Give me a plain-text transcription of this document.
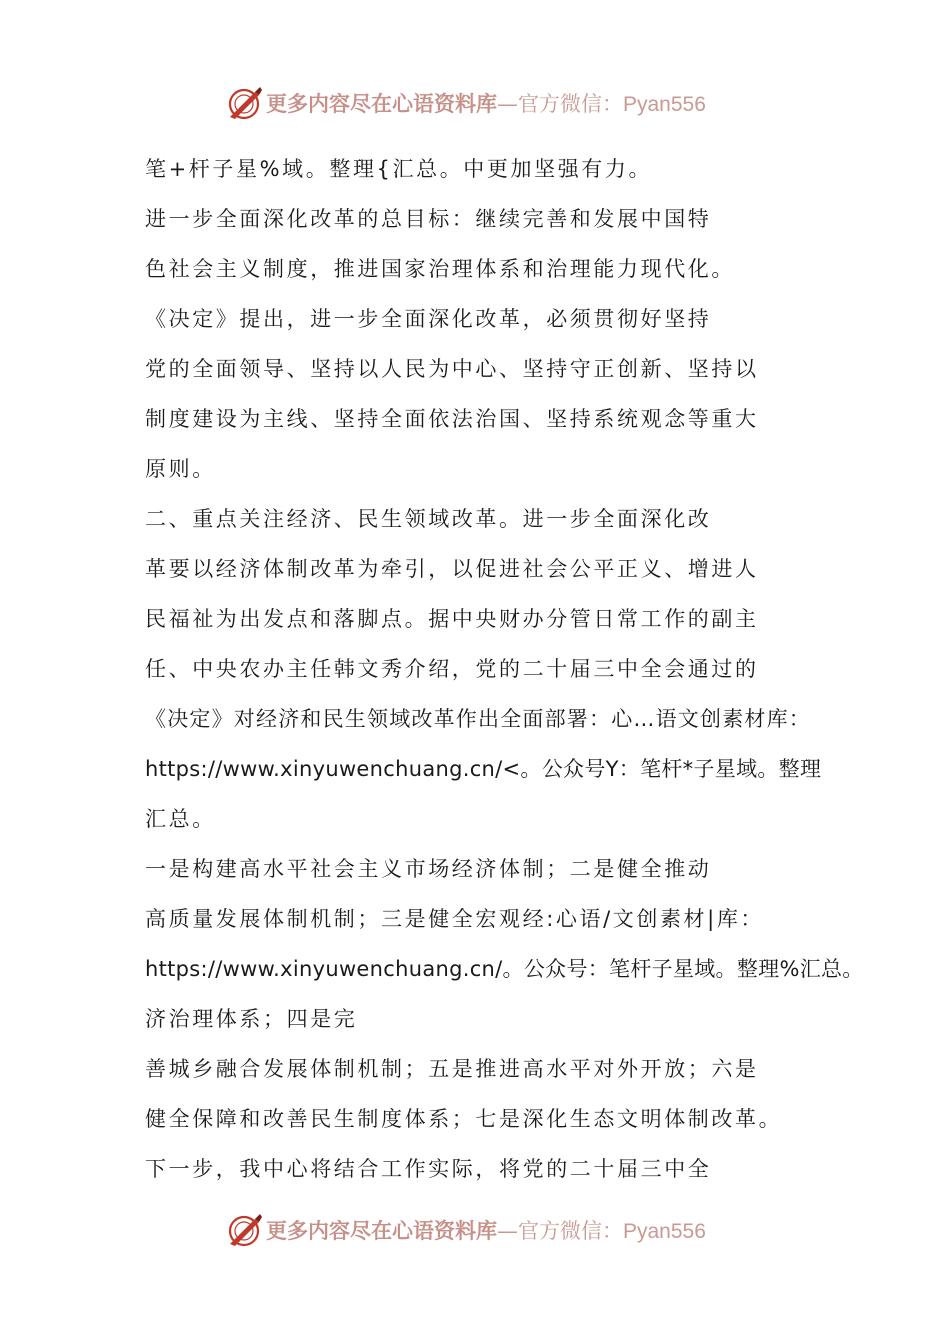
更多内容尽在心语资料库—官方微信：Pyan556
笔+杆子星%域。整理{汇总。中更加坚强有力。
进一步全面深化改革的总目标：继续完善和发展中国特
色社会主义制度，推进国家治理体系和治理能力现代化。
《决定》提出，进一步全面深化改革，必须贯彻好坚持
党的全面领导、坚持以人民为中心、坚持守正创新、坚持以
制度建设为主线、坚持全面依法治国、坚持系统观念等重大
原则。
二、重点关注经济、民生领域改革。进一步全面深化改
革要以经济体制改革为牵引，以促进社会公平正义、增进人
民福祉为出发点和落脚点。据中央财办分管日常工作的副主
任、中央农办主任韩文秀介绍，党的二十届三中全会通过的
《决定》对经济和民生领域改革作出全面部署：心…语文创素材库：
https://www.xinyuwenchuang.cn/<。公众号Y：笔杆*子星域。整理
汇总。
一是构建高水平社会主义市场经济体制；二是健全推动
高质量发展体制机制；三是健全宏观经:心语/文创素材|库：
https://www.xinyuwenchuang.cn/。公众号：笔杆子星域。整理%汇总。
济治理体系；四是完
善城乡融合发展体制机制；五是推进高水平对外开放；六是
健全保障和改善民生制度体系；七是深化生态文明体制改革。
下一步，我中心将结合工作实际，将党的二十届三中全
更多内容尽在心语资料库—官方微信：Pyan556
